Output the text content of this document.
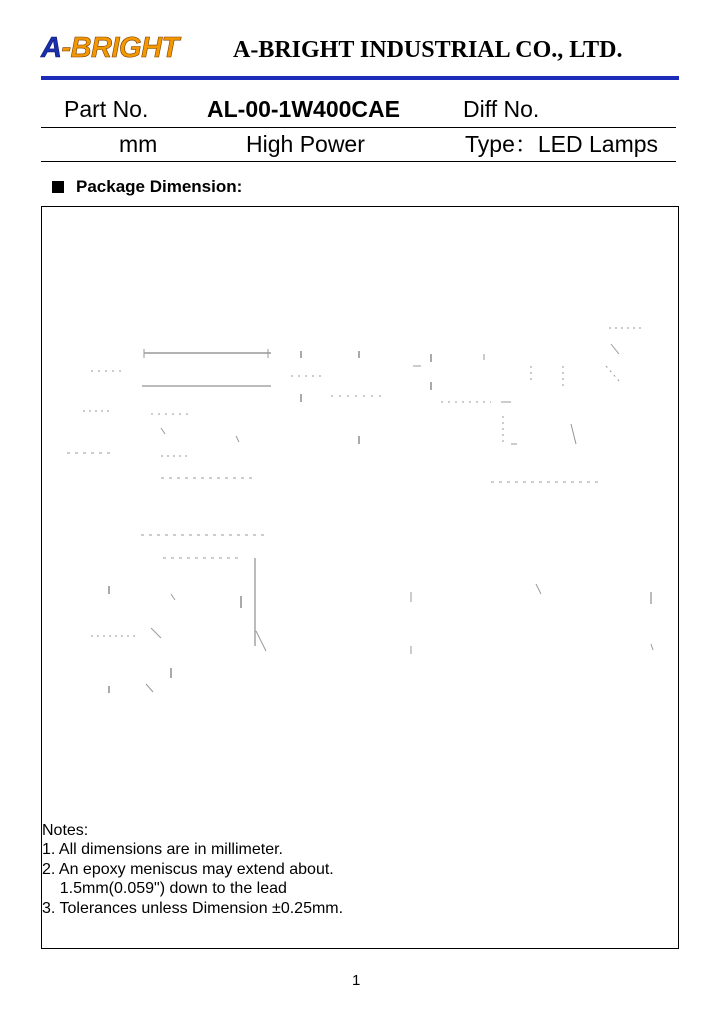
A-BRIGHT A-BRIGHT INDUSTRIAL CO., LTD.
Part No.	AL-00-1W400CAE	Diff No.
mm	High Power	Type：LED Lamps
Package Dimension:
Notes:
1. All dimensions are in millimeter.
2. An epoxy meniscus may extend about.
1.5mm(0.059") down to the lead
3. Tolerances unless Dimension ±0.25mm.
1
